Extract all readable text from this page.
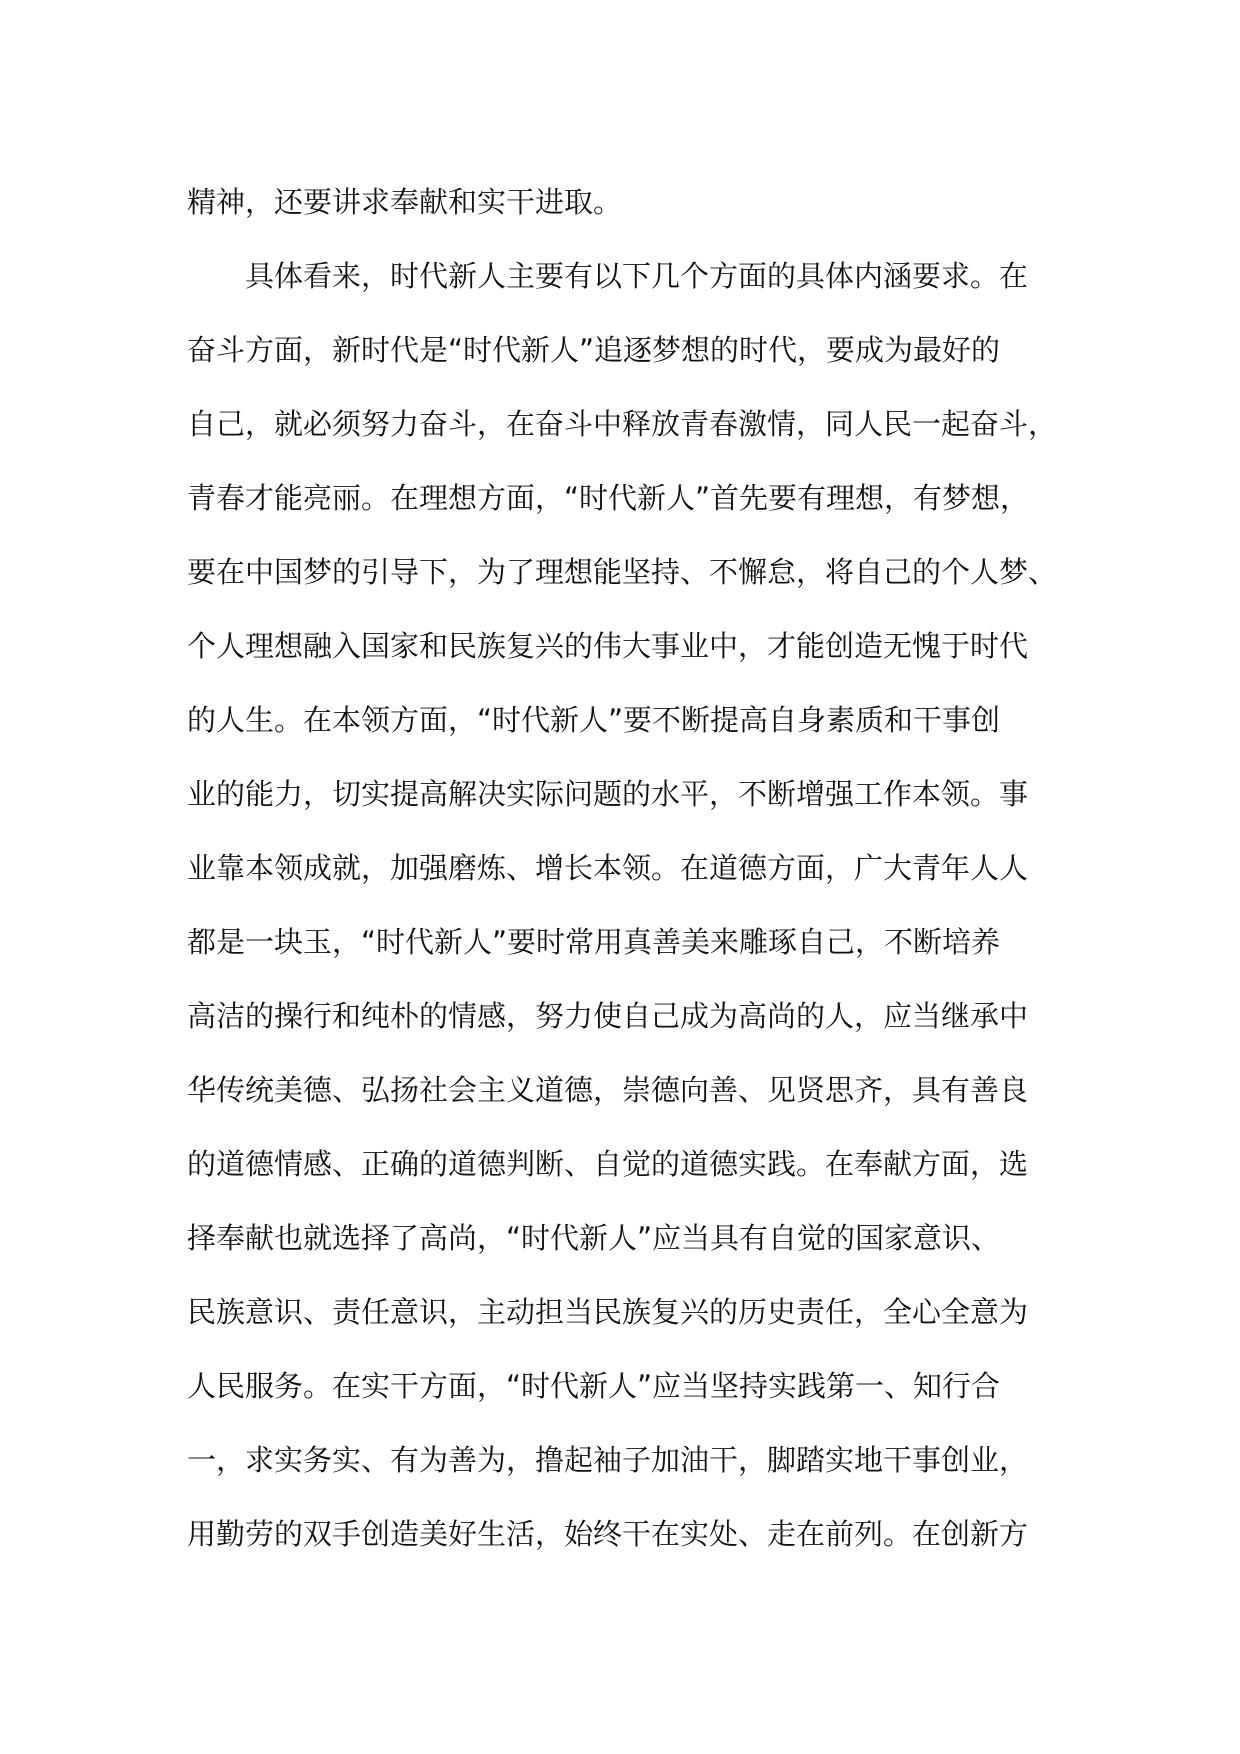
精神，还要讲求奉献和实干进取。
具体看来，时代新人主要有以下几个方面的具体内涵要求。在
奋斗方面，新时代是“时代新人”追逐梦想的时代，要成为最好的
自己，就必须努力奋斗，在奋斗中释放青春激情，同人民一起奋斗，
青春才能亮丽。在理想方面，“时代新人”首先要有理想，有梦想，
要在中国梦的引导下，为了理想能坚持、不懈怠，将自己的个人梦、
个人理想融入国家和民族复兴的伟大事业中，才能创造无愧于时代
的人生。在本领方面，“时代新人”要不断提高自身素质和干事创
业的能力，切实提高解决实际问题的水平，不断增强工作本领。事
业靠本领成就，加强磨炼、增长本领。在道德方面，广大青年人人
都是一块玉，“时代新人”要时常用真善美来雕琢自己，不断培养
高洁的操行和纯朴的情感，努力使自己成为高尚的人，应当继承中
华传统美德、弘扬社会主义道德，崇德向善、见贤思齐，具有善良
的道德情感、正确的道德判断、自觉的道德实践。在奉献方面，选
择奉献也就选择了高尚，“时代新人”应当具有自觉的国家意识、
民族意识、责任意识，主动担当民族复兴的历史责任，全心全意为
人民服务。在实干方面，“时代新人”应当坚持实践第一、知行合
一，求实务实、有为善为，撸起袖子加油干，脚踏实地干事创业，
用勤劳的双手创造美好生活，始终干在实处、走在前列。在创新方
